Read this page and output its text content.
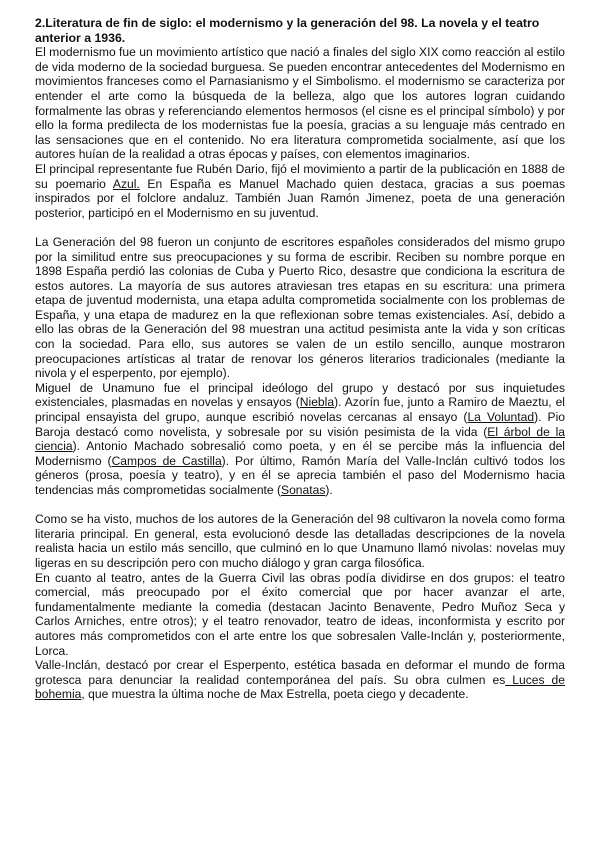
2.Literatura de fin de siglo: el modernismo y la generación del 98. La novela y el teatro anterior a 1936.

El modernismo fue un movimiento artístico que nació a finales del siglo XIX como reacción al estilo de vida moderno de la sociedad burguesa. Se pueden encontrar antecedentes del Modernismo en movimientos franceses como el Parnasianismo y el Simbolismo. el modernismo se caracteriza por entender el arte como la búsqueda de la belleza, algo que los autores logran cuidando formalmente las obras y referenciando elementos hermosos (el cisne es el principal símbolo) y por ello la forma predilecta de los modernistas fue la poesía, gracias a su lenguaje más centrado en las sensaciones que en el contenido. No era literatura comprometida socialmente, así que los autores huían de la realidad a otras épocas y países, con elementos imaginarios.

El principal representante fue Rubén Dario, fijó el movimiento a partir de la publicación en 1888 de su poemario Azul. En España es Manuel Machado quien destaca, gracias a sus poemas inspirados por el folclore andaluz. También Juan Ramón Jimenez, poeta de una generación posterior, participó en el Modernismo en su juventud.

La Generación del 98 fueron un conjunto de escritores españoles considerados del mismo grupo por la similitud entre sus preocupaciones y su forma de escribir. Reciben su nombre porque en 1898 España perdió las colonias de Cuba y Puerto Rico, desastre que condiciona la escritura de estos autores. La mayoría de sus autores atraviesan tres etapas en su escritura: una primera etapa de juventud modernista, una etapa adulta comprometida socialmente con los problemas de España, y una etapa de madurez en la que reflexionan sobre temas existenciales. Así, debido a ello las obras de la Generación del 98 muestran una actitud pesimista ante la vida y son críticas con la sociedad. Para ello, sus autores se valen de un estilo sencillo, aunque mostraron preocupaciones artísticas al tratar de renovar los géneros literarios tradicionales (mediante la nivola y el esperpento, por ejemplo).

Miguel de Unamuno fue el principal ideólogo del grupo y destacó por sus inquietudes existenciales, plasmadas en novelas y ensayos (Niebla). Azorín fue, junto a Ramiro de Maeztu, el principal ensayista del grupo, aunque escribió novelas cercanas al ensayo (La Voluntad). Pio Baroja destacó como novelista, y sobresale por su visión pesimista de la vida (El árbol de la ciencia). Antonio Machado sobresalió como poeta, y en él se percibe más la influencia del Modernismo (Campos de Castilla). Por último, Ramón María del Valle-Inclán cultivó todos los géneros (prosa, poesía y teatro), y en él se aprecia también el paso del Modernismo hacia tendencias más comprometidas socialmente (Sonatas).

Como se ha visto, muchos de los autores de la Generación del 98 cultivaron la novela como forma literaria principal. En general, esta evolucionó desde las detalladas descripciones de la novela realista hacia un estilo más sencillo, que culminó en lo que Unamuno llamó nivolas: novelas muy ligeras en su descripción pero con mucho diálogo y gran carga filosófica.

En cuanto al teatro, antes de la Guerra Civil las obras podía dividirse en dos grupos: el teatro comercial, más preocupado por el éxito comercial que por hacer avanzar el arte, fundamentalmente mediante la comedia (destacan Jacinto Benavente, Pedro Muñoz Seca y Carlos Arniches, entre otros); y el teatro renovador, teatro de ideas, inconformista y escrito por autores más comprometidos con el arte entre los que sobresalen Valle-Inclán y, posteriormente, Lorca.

Valle-Inclán, destacó por crear el Esperpento, estética basada en deformar el mundo de forma grotesca para denunciar la realidad contemporánea del país. Su obra culmen es Luces de bohemia, que muestra la última noche de Max Estrella, poeta ciego y decadente.
